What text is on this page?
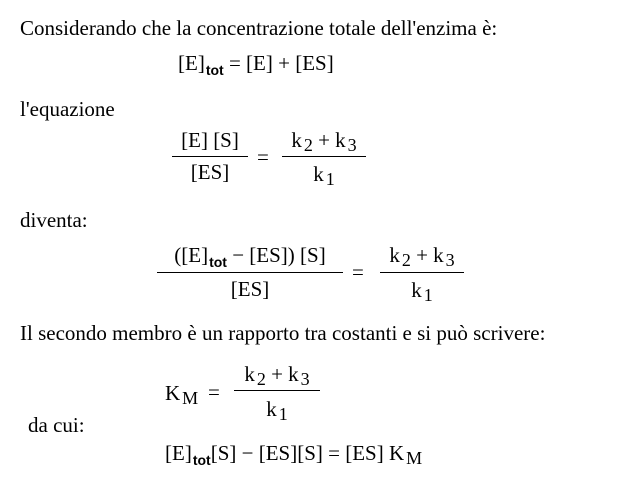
Considerando che la concentrazione totale dell'enzima è:
$[E]_{tot} = [E] + [ES]$
l'equazione
[E] [S]
[ES]
=
k 2 + k 3
k 1
diventa:
$([E]_{tot} - [ES])$ [S]
[ES]
=
k 2 + k 3
k 1
Il secondo membro è un rapporto tra costanti e si può scrivere:
K M =
k 2 + k 3
k 1
da cui:
$[E]_{tot}[S] - [ES][S] = [ES]$ K M
